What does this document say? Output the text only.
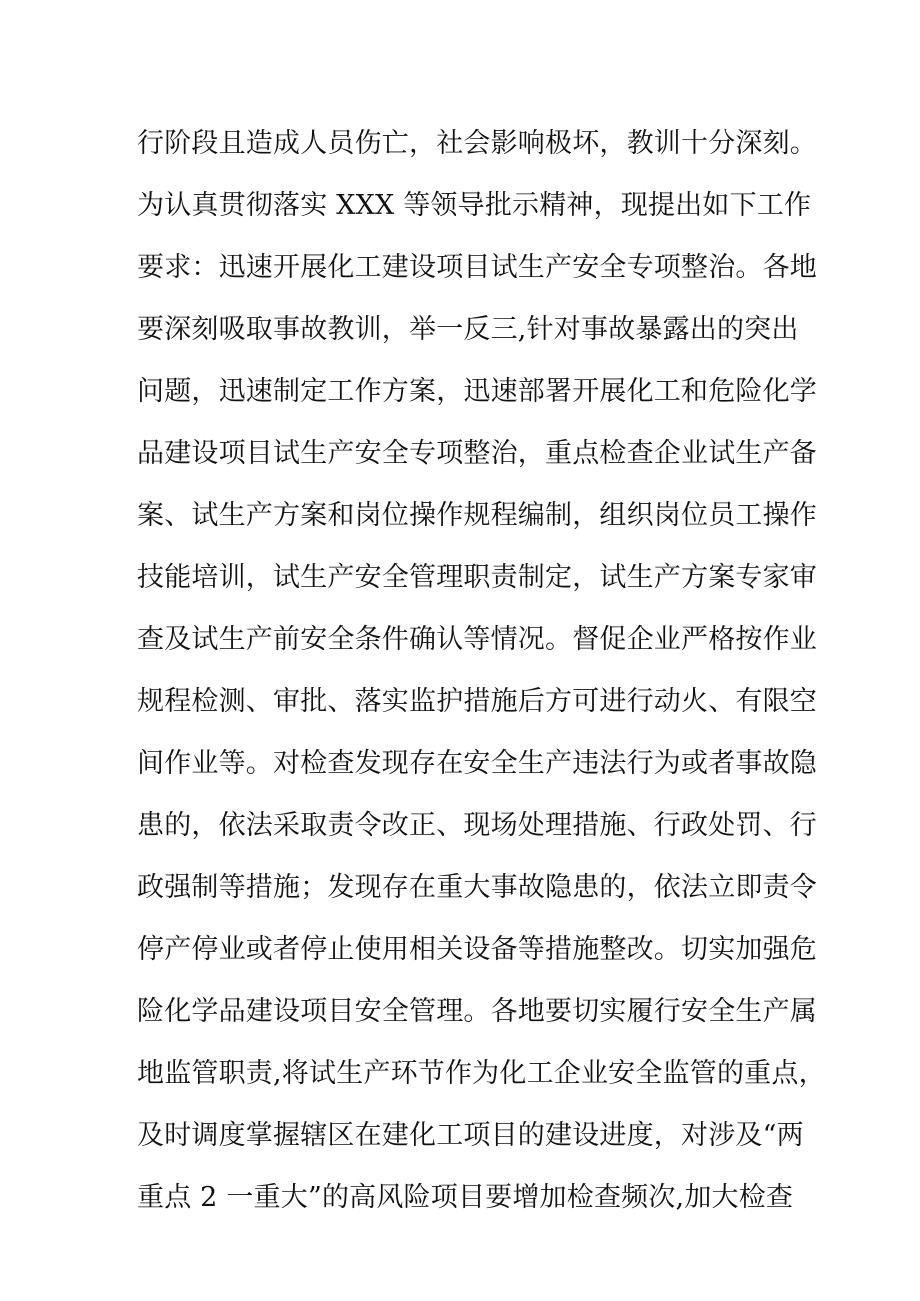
行阶段且造成人员伤亡，社会影响极坏，教训十分深刻。
为认真贯彻落实 XXX 等领导批示精神，现提出如下工作
要求：迅速开展化工建设项目试生产安全专项整治。各地
要深刻吸取事故教训，举一反三,针对事故暴露出的突出
问题，迅速制定工作方案，迅速部署开展化工和危险化学
品建设项目试生产安全专项整治，重点检查企业试生产备
案、试生产方案和岗位操作规程编制，组织岗位员工操作
技能培训，试生产安全管理职责制定，试生产方案专家审
查及试生产前安全条件确认等情况。督促企业严格按作业
规程检测、审批、落实监护措施后方可进行动火、有限空
间作业等。对检查发现存在安全生产违法行为或者事故隐
患的，依法采取责令改正、现场处理措施、行政处罚、行
政强制等措施；发现存在重大事故隐患的，依法立即责令
停产停业或者停止使用相关设备等措施整改。切实加强危
险化学品建设项目安全管理。各地要切实履行安全生产属
地监管职责,将试生产环节作为化工企业安全监管的重点，
及时调度掌握辖区在建化工项目的建设进度，对涉及“两
重点 2 一重大”的高风险项目要增加检查频次,加大检查
